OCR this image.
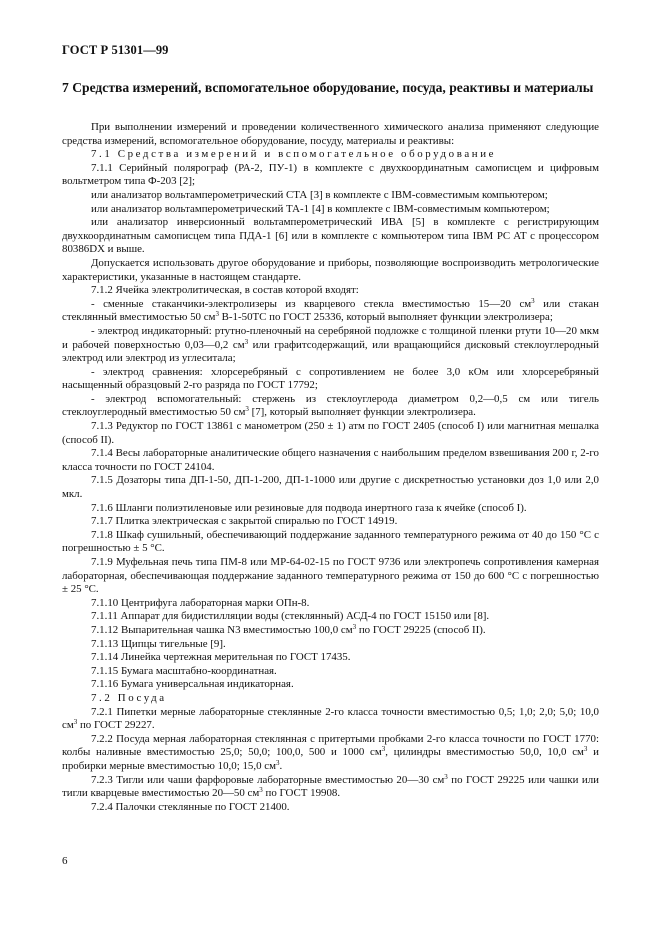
ГОСТ Р 51301—99
7 Средства измерений, вспомогательное оборудование, посуда, реактивы и материалы

При выполнении измерений и проведении количественного химического анализа применяют следующие средства измерений, вспомогательное оборудование, посуду, материалы и реактивы:

7.1 Средства измерений и вспомогательное оборудование

7.1.1 Серийный полярограф (РА-2, ПУ-1) в комплекте с двухкоординатным самописцем и цифровым вольтметром типа Ф-203 [2];

или анализатор вольтамперометрический СТА [3] в комплекте с IBM-совместимым компьютером;

или анализатор вольтамперометрический ТА-1 [4] в комплекте с IBM-совместимым компьютером;

или анализатор инверсионный вольтамперометрический ИВА [5] в комплекте с регистрирующим двухкоординатным самописцем типа ПДА-1 [6] или в комплекте с компьютером типа IBM PC AT с процессором 80386DX и выше.

Допускается использовать другое оборудование и приборы, позволяющие воспроизводить метрологические характеристики, указанные в настоящем стандарте.

7.1.2 Ячейка электролитическая, в состав которой входят:

- сменные стаканчики-электролизеры из кварцевого стекла вместимостью 15—20 $см^3$ или стакан стеклянный вместимостью 50 $см^3$ В-1-50ТС по ГОСТ 25336, который выполняет функции электролизера;

- электрод индикаторный: ртутно-пленочный на серебряной подложке с толщиной пленки ртути 10—20 мкм и рабочей поверхностью 0,03—0,2 $см^3$ или графитсодержащий, или вращающийся дисковый стеклоуглеродный электрод или электрод из углеситала;

- электрод сравнения: хлорсеребряный с сопротивлением не более 3,0 кОм или хлорсеребряный насыщенный образцовый 2-го разряда по ГОСТ 17792;

- электрод вспомогательный: стержень из стеклоуглерода диаметром 0,2—0,5 см или тигель стеклоуглеродный вместимостью 50 $см^3$ [7], который выполняет функции электролизера.

7.1.3 Редуктор по ГОСТ 13861 с манометром (250 ± 1) атм по ГОСТ 2405 (способ I) или магнитная мешалка (способ II).

7.1.4 Весы лабораторные аналитические общего назначения с наибольшим пределом взвешивания 200 г, 2-го класса точности по ГОСТ 24104.

7.1.5 Дозаторы типа ДП-1-50, ДП-1-200, ДП-1-1000 или другие с дискретностью установки доз 1,0 или 2,0 мкл.

7.1.6 Шланги полиэтиленовые или резиновые для подвода инертного газа к ячейке (способ I).

7.1.7 Плитка электрическая с закрытой спиралью по ГОСТ 14919.

7.1.8 Шкаф сушильный, обеспечивающий поддержание заданного температурного режима от 40 до 150 °С с погрешностью ± 5 °С.

7.1.9 Муфельная печь типа ПМ-8 или МР-64-02-15 по ГОСТ 9736 или электропечь сопротивления камерная лабораторная, обеспечивающая поддержание заданного температурного режима от 150 до 600 °С с погрешностью ± 25 °С.

7.1.10 Центрифуга лабораторная марки ОПн-8.

7.1.11 Аппарат для бидистилляции воды (стеклянный) АСД-4 по ГОСТ 15150 или [8].

7.1.12 Выпарительная чашка N3 вместимостью 100,0 $см^3$ по ГОСТ 29225 (способ II).

7.1.13 Щипцы тигельные [9].

7.1.14 Линейка чертежная мерительная по ГОСТ 17435.

7.1.15 Бумага масштабно-координатная.

7.1.16 Бумага универсальная индикаторная.

7.2 Посуда

7.2.1 Пипетки мерные лабораторные стеклянные 2-го класса точности вместимостью 0,5; 1,0; 2,0; 5,0; 10,0 $см^3$ по ГОСТ 29227.

7.2.2 Посуда мерная лабораторная стеклянная с притертыми пробками 2-го класса точности по ГОСТ 1770: колбы наливные вместимостью 25,0; 50,0; 100,0, 500 и 1000 $см^3$, цилиндры вместимостью 50,0, 10,0 $см^3$ и пробирки мерные вместимостью 10,0; 15,0 $см^3$.

7.2.3 Тигли или чаши фарфоровые лабораторные вместимостью 20—30 $см^3$ по ГОСТ 29225 или чашки или тигли кварцевые вместимостью 20—50 $см^3$ по ГОСТ 19908.

7.2.4 Палочки стеклянные по ГОСТ 21400.

6
